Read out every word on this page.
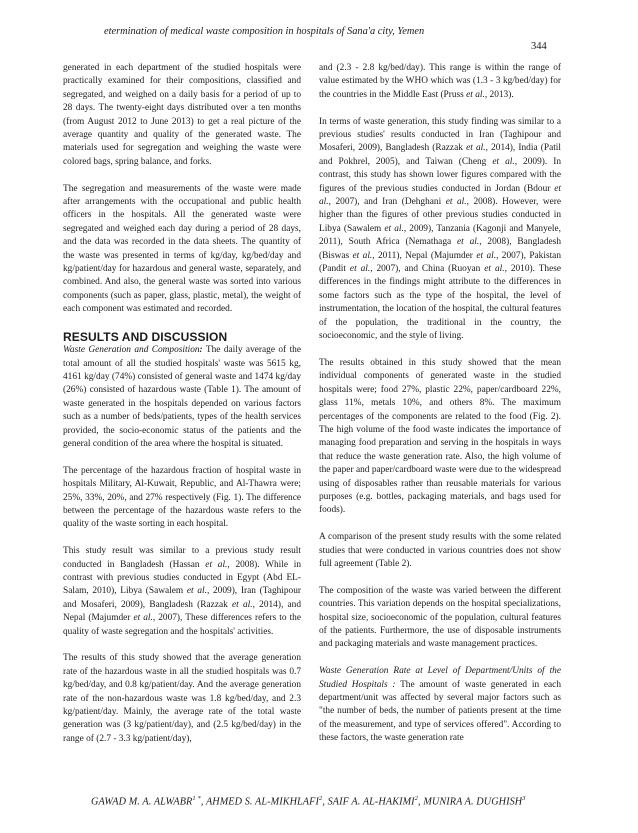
etermination of medical waste composition in hospitals of Sana'a city, Yemen
344

generated in each department of the studied hospitals were practically examined for their compositions, classified and segregated, and weighed on a daily basis for a period of up to 28 days. The twenty-eight days distributed over a ten months (from August 2012 to June 2013) to get a real picture of the average quantity and quality of the generated waste. The materials used for segregation and weighing the waste were colored bags, spring balance, and forks.

The segregation and measurements of the waste were made after arrangements with the occupational and public health officers in the hospitals. All the generated waste were segregated and weighed each day during a period of 28 days, and the data was recorded in the data sheets. The quantity of the waste was presented in terms of kg/day, kg/bed/day and kg/patient/day for hazardous and general waste, separately, and combined. And also, the general waste was sorted into various components (such as paper, glass, plastic, metal), the weight of each component was estimated and recorded.

RESULTS AND DISCUSSION

Waste Generation and Composition: The daily average of the total amount of all the studied hospitals' waste was 5615 kg, 4161 kg/day (74%) consisted of general waste and 1474 kg/day (26%) consisted of hazardous waste (Table 1). The amount of waste generated in the hospitals depended on various factors such as a number of beds/patients, types of the health services provided, the socio-economic status of the patients and the general condition of the area where the hospital is situated.

The percentage of the hazardous fraction of hospital waste in hospitals Military, Al-Kuwait, Republic, and Al-Thawra were; 25%, 33%, 20%, and 27% respectively (Fig. 1). The difference between the percentage of the hazardous waste refers to the quality of the waste sorting in each hospital.

This study result was similar to a previous study result conducted in Bangladesh (Hassan et al., 2008). While in contrast with previous studies conducted in Egypt (Abd EL-Salam, 2010), Libya (Sawalem et al., 2009), Iran (Taghipour and Mosaferi, 2009), Bangladesh (Razzak et al., 2014), and Nepal (Majumder et al., 2007), These differences refers to the quality of waste segregation and the hospitals' activities.

The results of this study showed that the average generation rate of the hazardous waste in all the studied hospitals was 0.7 kg/bed/day, and 0.8 kg/patient/day. And the average generation rate of the non-hazardous waste was 1.8 kg/bed/day, and 2.3 kg/patient/day. Mainly, the average rate of the total waste generation was (3 kg/patient/day), and (2.5 kg/bed/day) in the range of (2.7 - 3.3 kg/patient/day),

and (2.3 - 2.8 kg/bed/day). This range is within the range of value estimated by the WHO which was (1.3 - 3 kg/bed/day) for the countries in the Middle East (Pruss et al., 2013).

In terms of waste generation, this study finding was similar to a previous studies' results conducted in Iran (Taghipour and Mosaferi, 2009), Bangladesh (Razzak et al., 2014), India (Patil and Pokhrel, 2005), and Taiwan (Cheng et al., 2009). In contrast, this study has shown lower figures compared with the figures of the previous studies conducted in Jordan (Bdour et al., 2007), and Iran (Dehghani et al., 2008). However, were higher than the figures of other previous studies conducted in Libya (Sawalem et al., 2009), Tanzania (Kagonji and Manyele, 2011), South Africa (Nemathaga et al., 2008), Bangladesh (Biswas et al., 2011), Nepal (Majumder et al., 2007), Pakistan (Pandit et al., 2007), and China (Ruoyan et al., 2010). These differences in the findings might attribute to the differences in some factors such as the type of the hospital, the level of instrumentation, the location of the hospital, the cultural features of the population, the traditional in the country, the socioeconomic, and the style of living.

The results obtained in this study showed that the mean individual components of generated waste in the studied hospitals were; food 27%, plastic 22%, paper/cardboard 22%, glass 11%, metals 10%, and others 8%. The maximum percentages of the components are related to the food (Fig. 2). The high volume of the food waste indicates the importance of managing food preparation and serving in the hospitals in ways that reduce the waste generation rate. Also, the high volume of the paper and paper/cardboard waste were due to the widespread using of disposables rather than reusable materials for various purposes (e.g. bottles, packaging materials, and bags used for foods).

A comparison of the present study results with the some related studies that were conducted in various countries does not show full agreement (Table 2).

The composition of the waste was varied between the different countries. This variation depends on the hospital specializations, hospital size, socioeconomic of the population, cultural features of the patients. Furthermore, the use of disposable instruments and packaging materials and waste management practices.

Waste Generation Rate at Level of Department/Units of the Studied Hospitals : The amount of waste generated in each department/unit was affected by several major factors such as "the number of beds, the number of patients present at the time of the measurement, and type of services offered". According to these factors, the waste generation rate

GAWAD M. A. $ALWABR^{1 *}$, AHMED S. AL-MIKHLAFI$^2$, SAIF A. AL-HAKIMI$^2$, MUNIRA A. DUGHISH$^3$
